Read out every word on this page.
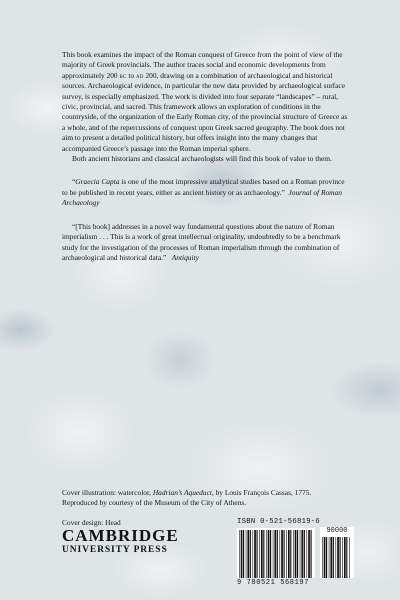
This book examines the impact of the Roman conquest of Greece from the point of view of the majority of Greek provincials. The author traces social and economic developments from approximately 200 bc to ad 200, drawing on a combination of archaeological and historical sources. Archaeological evidence, in particular the new data provided by archaeological surface survey, is especially emphasized. The work is divided into four separate “landscapes” – rural, civic, provincial, and sacred. This framework allows an exploration of conditions in the countryside, of the organization of the Early Roman city, of the provincial structure of Greece as a whole, and of the repercussions of conquest upon Greek sacred geography. The book does not aim to present a detailed political history, but offers insight into the many changes that accompanied Greece’s passage into the Roman imperial sphere.

Both ancient historians and classical archaeologists will find this book of value to them.

“Graecia Capta is one of the most impressive analytical studies based on a Roman province to be published in recent years, either as ancient history or as archaeology.” Journal of Roman Archaeology

“[This book] addresses in a novel way fundamental questions about the nature of Roman imperialism . . . This is a work of great intellectual originality, undoubtedly to be a benchmark study for the investigation of the processes of Roman imperialism through the combination of archaeological and historical data.” Antiquity

Cover illustration: watercolor, Hadrian’s Aqueduct, by Louis François Cassas, 1775.

Reproduced by courtesy of the Museum of the City of Athens.

Cover design: Head

CAMBRIDGE
UNIVERSITY PRESS
ISBN 0-521-56819-6
90000
9 780521 568197
